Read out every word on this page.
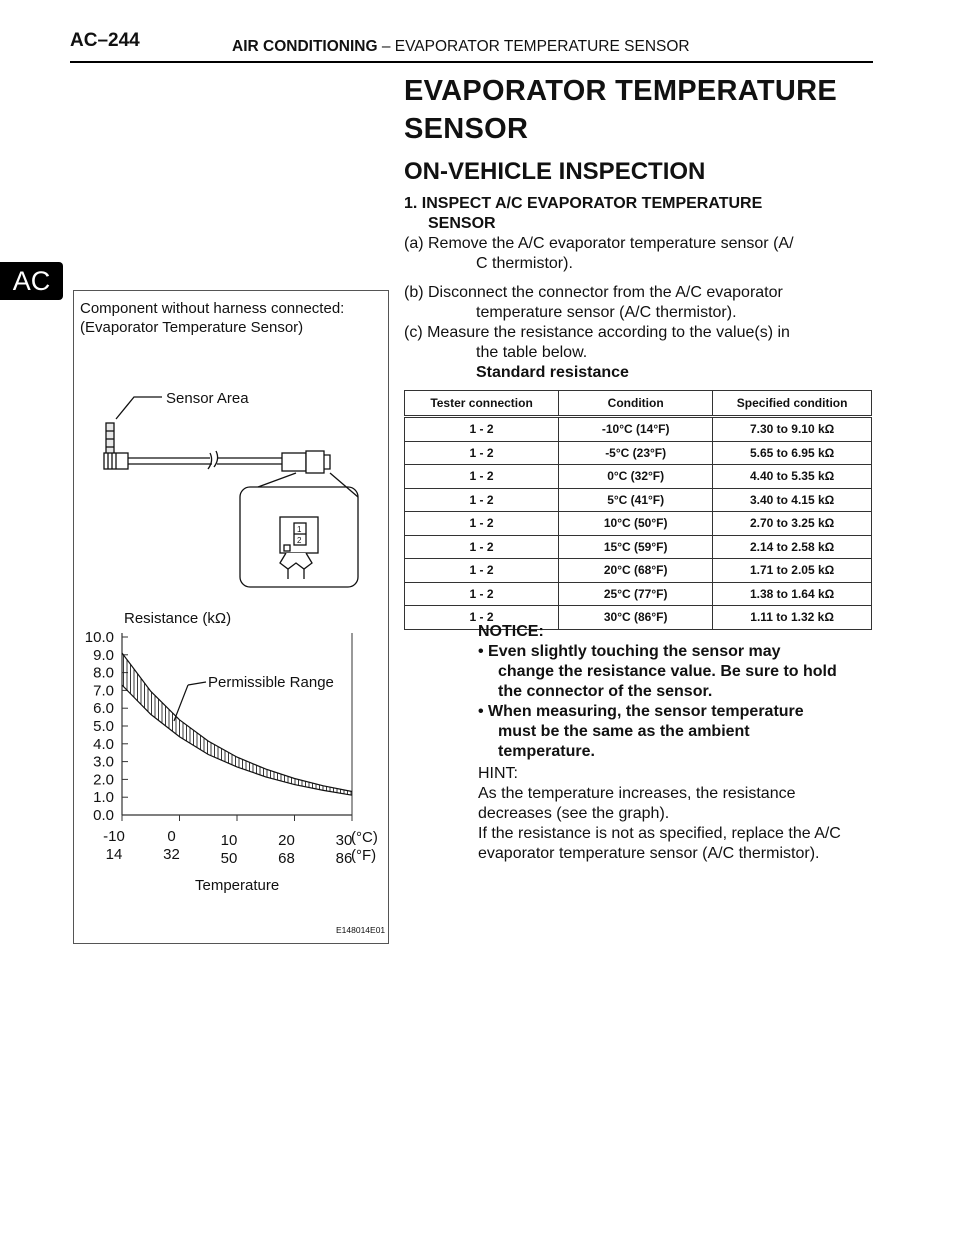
AC–244	AIR CONDITIONING – EVAPORATOR TEMPERATURE SENSOR
AC
EVAPORATOR TEMPERATURE
SENSOR
ON-VEHICLE INSPECTION
1. INSPECT A/C EVAPORATOR TEMPERATURE
SENSOR
(a) Remove the A/C evaporator temperature sensor (A/
C thermistor).
(b) Disconnect the connector from the A/C evaporator
temperature sensor (A/C thermistor).
(c) Measure the resistance according to the value(s) in
the table below.
Standard resistance
Tester connection	Condition	Specified condition
1 - 2	-10°C (14°F)	7.30 to 9.10 kΩ
1 - 2	-5°C (23°F)	5.65 to 6.95 kΩ
1 - 2	0°C (32°F)	4.40 to 5.35 kΩ
1 - 2	5°C (41°F)	3.40 to 4.15 kΩ
1 - 2	10°C (50°F)	2.70 to 3.25 kΩ
1 - 2	15°C (59°F)	2.14 to 2.58 kΩ
1 - 2	20°C (68°F)	1.71 to 2.05 kΩ
1 - 2	25°C (77°F)	1.38 to 1.64 kΩ
1 - 2	30°C (86°F)	1.11 to 1.32 kΩ
NOTICE:
• Even slightly touching the sensor may
change the resistance value. Be sure to hold
the connector of the sensor.
• When measuring, the sensor temperature
must be the same as the ambient
temperature.
HINT:
As the temperature increases, the resistance
decreases (see the graph).
If the resistance is not as specified, replace the A/C
evaporator temperature sensor (A/C thermistor).
Component without harness connected:
(Evaporator Temperature Sensor)
Sensor Area
1
2
Resistance (kΩ)
Temperature
Permissible Range
(°C)
(°F)
E148014E01
0.0
1.0
2.0
3.0
4.0
5.0
6.0
7.0
8.0
9.0
10.0
-10
14
0
32
10
50
20
68
30
86
